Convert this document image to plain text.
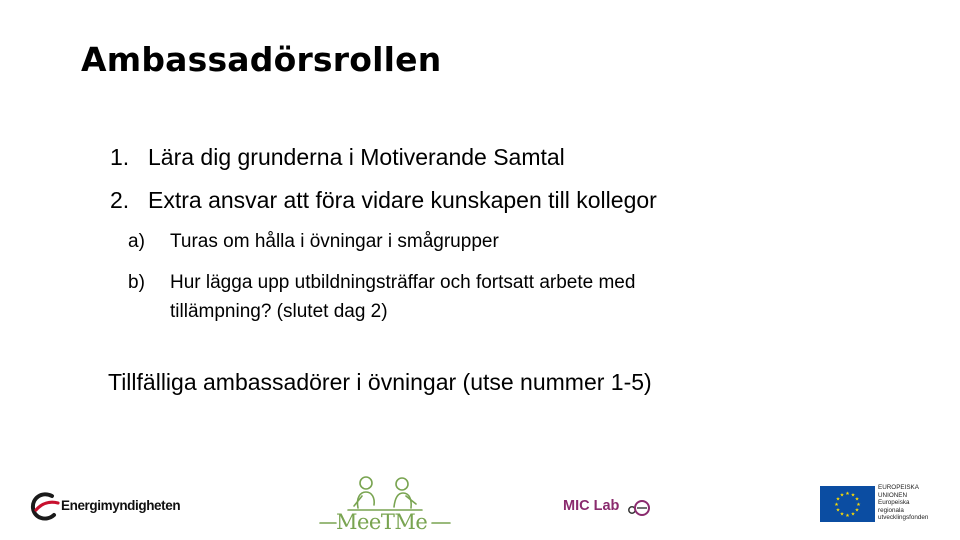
Ambassadörsrollen
1. Lära dig grunderna i Motiverande Samtal
2. Extra ansvar att föra vidare kunskapen till kollegor
a) Turas om hålla i övningar i smågrupper
b) Hur lägga upp utbildningsträffar och fortsatt arbete med
tillämpning? (slutet dag 2)
Tillfälliga ambassadörer i övningar (utse nummer 1-5)
Energimyndigheten
MeeTMe
MIC Lab
★ ★
★
★
★
★
★
★
★
★
★
★
EUROPEISKA
UNIONEN
Europeiska
regionala
utvecklingsfonden
